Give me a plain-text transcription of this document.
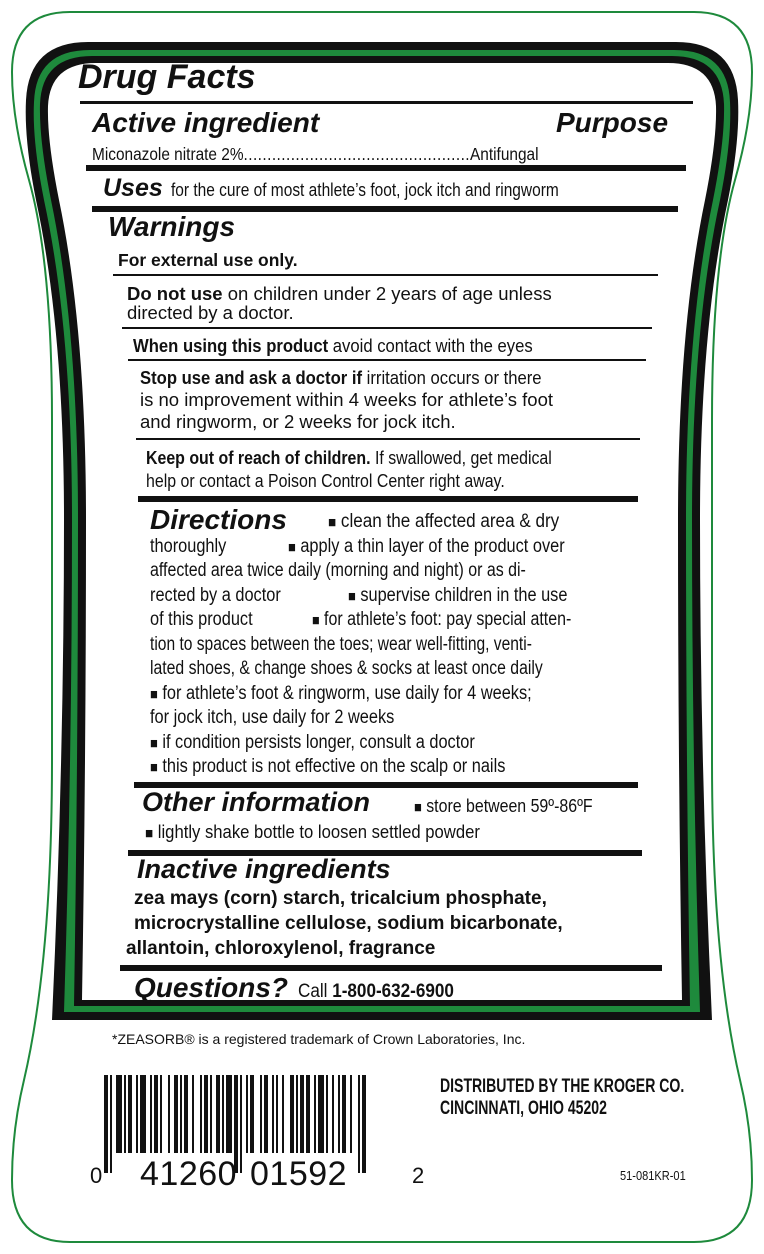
Drug Facts

Active ingredient	Purpose

Miconazole nitrate 2%................................................Antifungal

Uses for the cure of most athlete’s foot, jock itch and ringworm

Warnings

For external use only.

Do not use on children under 2 years of age unless
directed by a doctor.

When using this product avoid contact with the eyes

Stop use and ask a doctor if irritation occurs or there
is no improvement within 4 weeks for athlete’s foot
and ringworm, or 2 weeks for jock itch.

Keep out of reach of children. If swallowed, get medical
help or contact a Poison Control Center right away.

Directions	■ clean the affected area & dry
thoroughly	■ apply a thin layer of the product over
affected area twice daily (morning and night) or as di-
rected by a doctor	■ supervise children in the use
of this product	■ for athlete’s foot: pay special atten-
tion to spaces between the toes; wear well-fitting, venti-
lated shoes, & change shoes & socks at least once daily
■ for athlete’s foot & ringworm, use daily for 4 weeks;
for jock itch, use daily for 2 weeks
■ if condition persists longer, consult a doctor
■ this product is not effective on the scalp or nails

Other information	■ store between 59º-86ºF

■ lightly shake bottle to loosen settled powder

Inactive ingredients

zea mays (corn) starch, tricalcium phosphate,
microcrystalline cellulose, sodium bicarbonate,
allantoin, chloroxylenol, fragrance

Questions? Call 1-800-632-6900

*ZEASORB® is a registered trademark of Crown Laboratories, Inc.

0 41260 01592	2

DISTRIBUTED BY THE KROGER CO.
CINCINNATI, OHIO 45202

51-081KR-01
